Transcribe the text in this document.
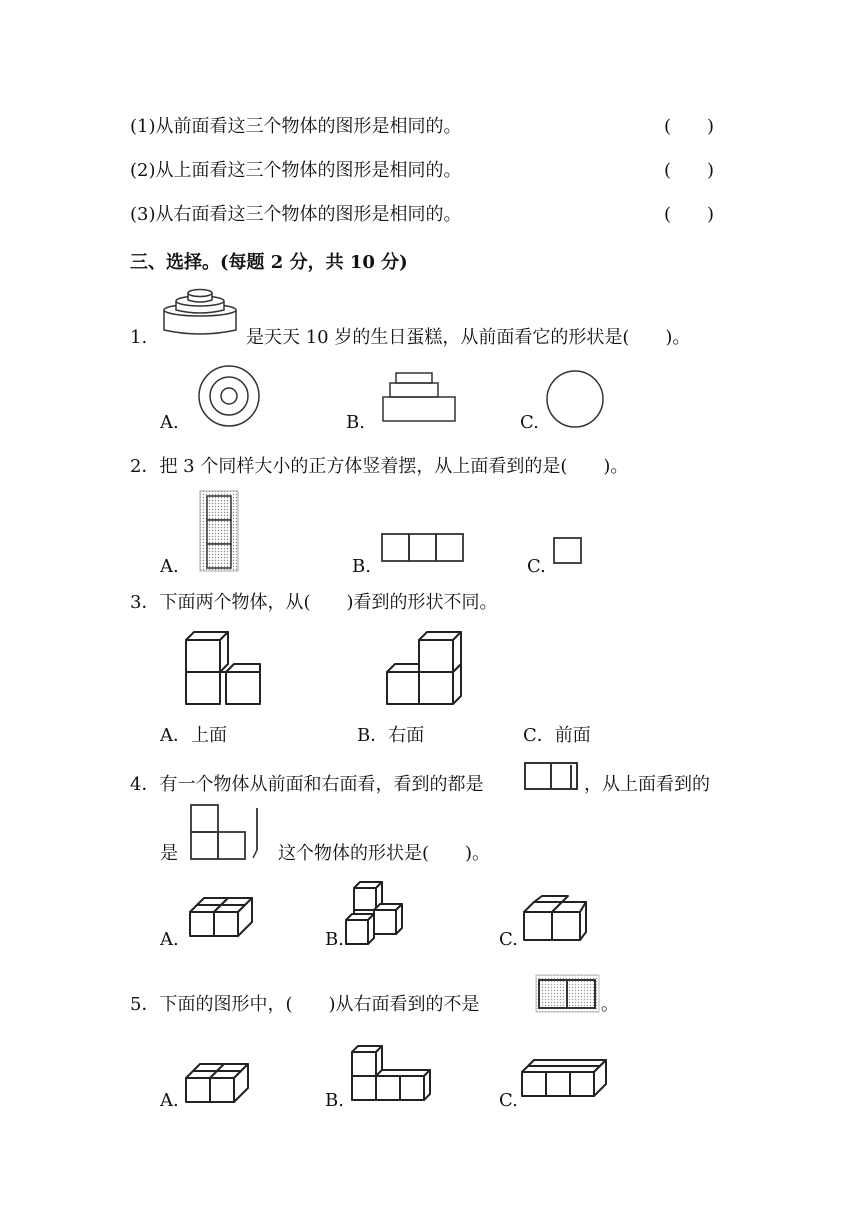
(1)从前面看这三个物体的图形是相同的。	(　　)
(2)从上面看这三个物体的图形是相同的。	(　　)
(3)从右面看这三个物体的图形是相同的。	(　　)
三、选择。(每题 2 分，共 10 分)
1.	是天天 10 岁的生日蛋糕，从前面看它的形状是(　　)。
A.	B.	C.
2．把 3 个同样大小的正方体竖着摆，从上面看到的是(　　)。
A.	B.	C.
3．下面两个物体，从(　　)看到的形状不同。
A．上面	B．右面	C．前面
4．有一个物体从前面和右面看，看到的都是	，从上面看到的
是	这个物体的形状是(　　)。
A.	B.	C.
5．下面的图形中，(　　)从右面看到的不是	。
A.	B.	C.
